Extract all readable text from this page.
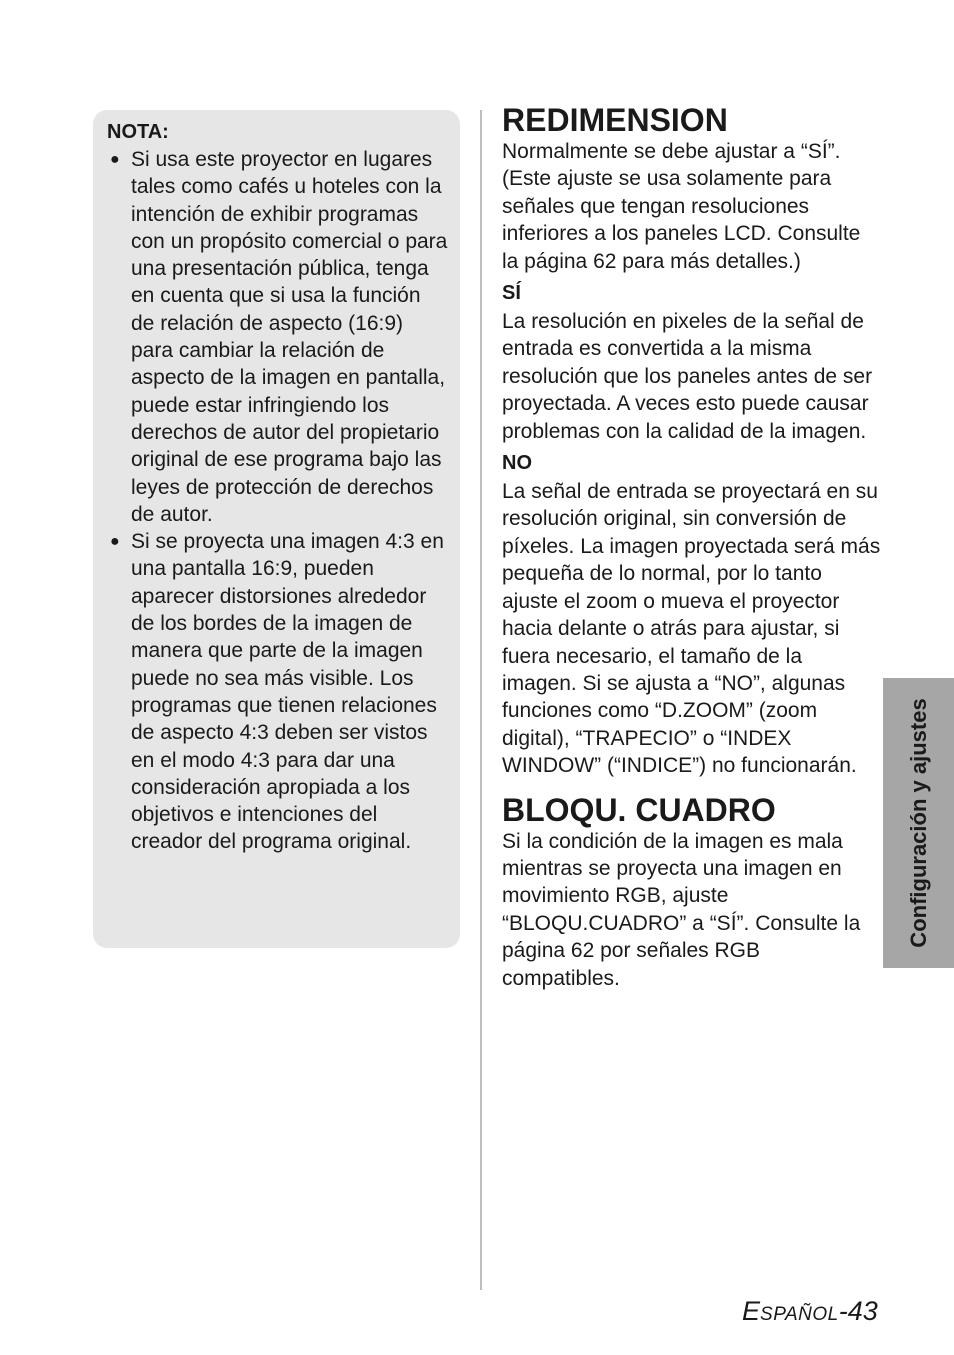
NOTA:
● Si usa este proyector en lugares tales como cafés u hoteles con la intención de exhibir programas con un propósito comercial o para una presentación pública, tenga en cuenta que si usa la función de relación de aspecto (16:9) para cambiar la relación de aspecto de la imagen en pantalla, puede estar infringiendo los derechos de autor del propietario original de ese programa bajo las leyes de protección de derechos de autor.
● Si se proyecta una imagen 4:3 en una pantalla 16:9, pueden aparecer distorsiones alrededor de los bordes de la imagen de manera que parte de la imagen puede no sea más visible. Los programas que tienen relaciones de aspecto 4:3 deben ser vistos en el modo 4:3 para dar una consideración apropiada a los objetivos e intenciones del creador del programa original.
REDIMENSION

Normalmente se debe ajustar a “SÍ”. (Este ajuste se usa solamente para señales que tengan resoluciones inferiores a los paneles LCD. Consulte la página 62 para más detalles.)

SÍ

La resolución en pixeles de la señal de entrada es convertida a la misma resolución que los paneles antes de ser proyectada. A veces esto puede causar problemas con la calidad de la imagen.

NO

La señal de entrada se proyectará en su resolución original, sin conversión de píxeles. La imagen proyectada será más pequeña de lo normal, por lo tanto ajuste el zoom o mueva el proyector hacia delante o atrás para ajustar, si fuera necesario, el tamaño de la imagen. Si se ajusta a “NO”, algunas funciones como “D.ZOOM” (zoom digital), “TRAPECIO” o “INDEX WINDOW” (“INDICE”) no funcionarán.

BLOQU. CUADRO

Si la condición de la imagen es mala mientras se proyecta una imagen en movimiento RGB, ajuste “BLOQU.CUADRO” a “SÍ”. Consulte la página 62 por señales RGB compatibles.

Configuración y ajustes
ESPAÑOL-43
